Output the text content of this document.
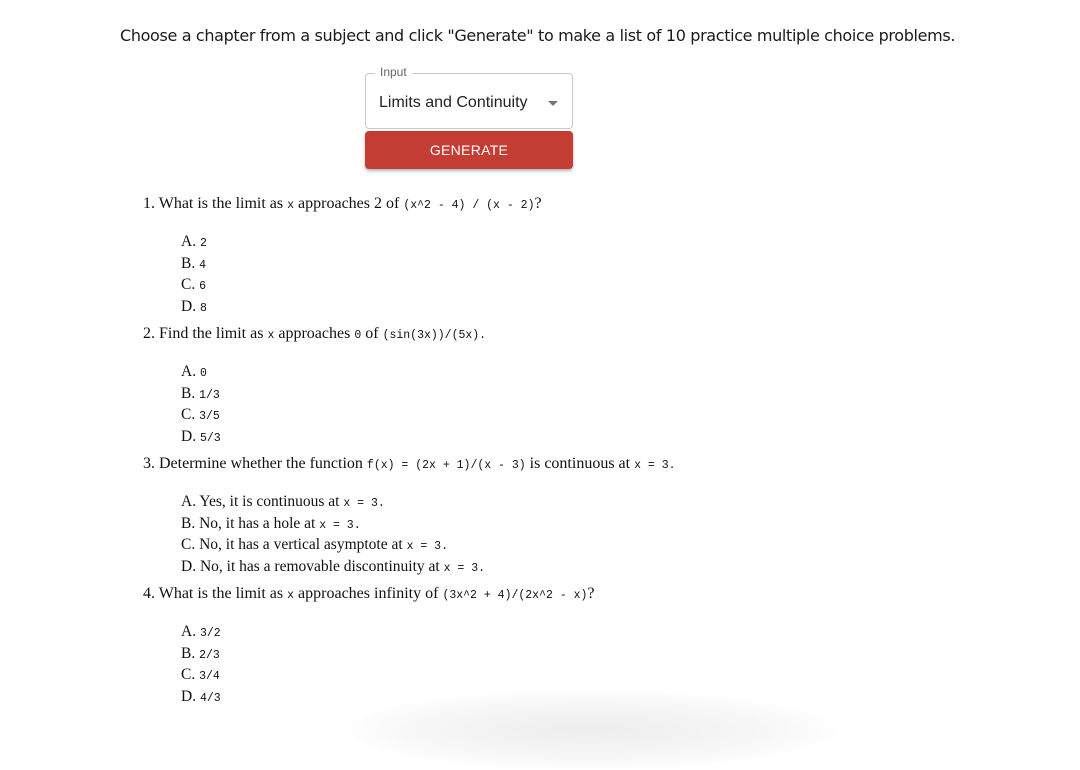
Choose a chapter from a subject and click "Generate" to make a list of 10 practice multiple choice problems.
Input
Limits and Continuity
GENERATE

1. What is the limit as x approaches 2 of (x^2 - 4) / (x - 2)?

A. 2
B. 4
C. 6
D. 8

2. Find the limit as x approaches 0 of (sin(3x))/(5x).

A. 0
B. 1/3
C. 3/5
D. 5/3

3. Determine whether the function f(x) = (2x + 1)/(x - 3) is continuous at x = 3.

A. Yes, it is continuous at x = 3.
B. No, it has a hole at x = 3.
C. No, it has a vertical asymptote at x = 3.
D. No, it has a removable discontinuity at x = 3.

4. What is the limit as x approaches infinity of (3x^2 + 4)/(2x^2 - x)?

A. 3/2
B. 2/3
C. 3/4
D. 4/3
